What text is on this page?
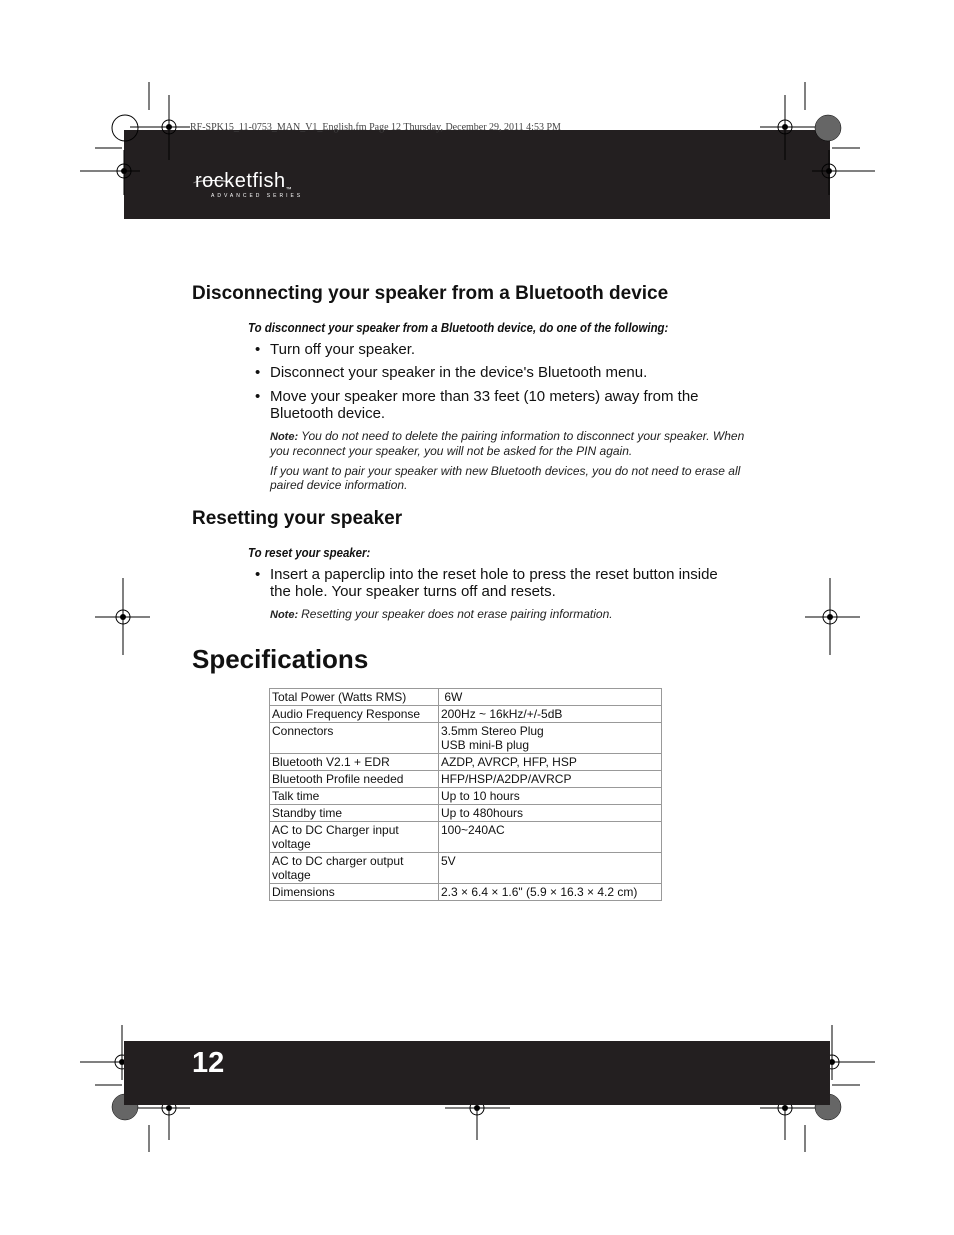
RF-SPK15_11-0753_MAN_V1_English.fm Page 12 Thursday, December 29, 2011 4:53 PM
rocketfish™
ADVANCED SERIES
Disconnecting your speaker from a Bluetooth device
To disconnect your speaker from a Bluetooth device, do one of the following:
• Turn off your speaker.
• Disconnect your speaker in the device's Bluetooth menu.
• Move your speaker more than 33 feet (10 meters) away from the Bluetooth device.
Note: You do not need to delete the pairing information to disconnect your speaker. When you reconnect your speaker, you will not be asked for the PIN again.
If you want to pair your speaker with new Bluetooth devices, you do not need to erase all paired device information.
Resetting your speaker
To reset your speaker:
• Insert a paperclip into the reset hole to press the reset button inside the hole. Your speaker turns off and resets.
Note: Resetting your speaker does not erase pairing information.
Specifications
Total Power (Watts RMS)	6W
Audio Frequency Response	200Hz ~ 16kHz/+/-5dB
Connectors	3.5mm Stereo Plug
USB mini-B plug

Bluetooth V2.1 + EDR	AZDP, AVRCP, HFP, HSP
Bluetooth Profile needed	HFP/HSP/A2DP/AVRCP
Talk time	Up to 10 hours
Standby time	Up to 480hours

AC to DC Charger input
voltage	100~240AC

AC to DC charger output
voltage	5V
Dimensions	2.3 × 6.4 × 1.6" (5.9 × 16.3 × 4.2 cm)
12
